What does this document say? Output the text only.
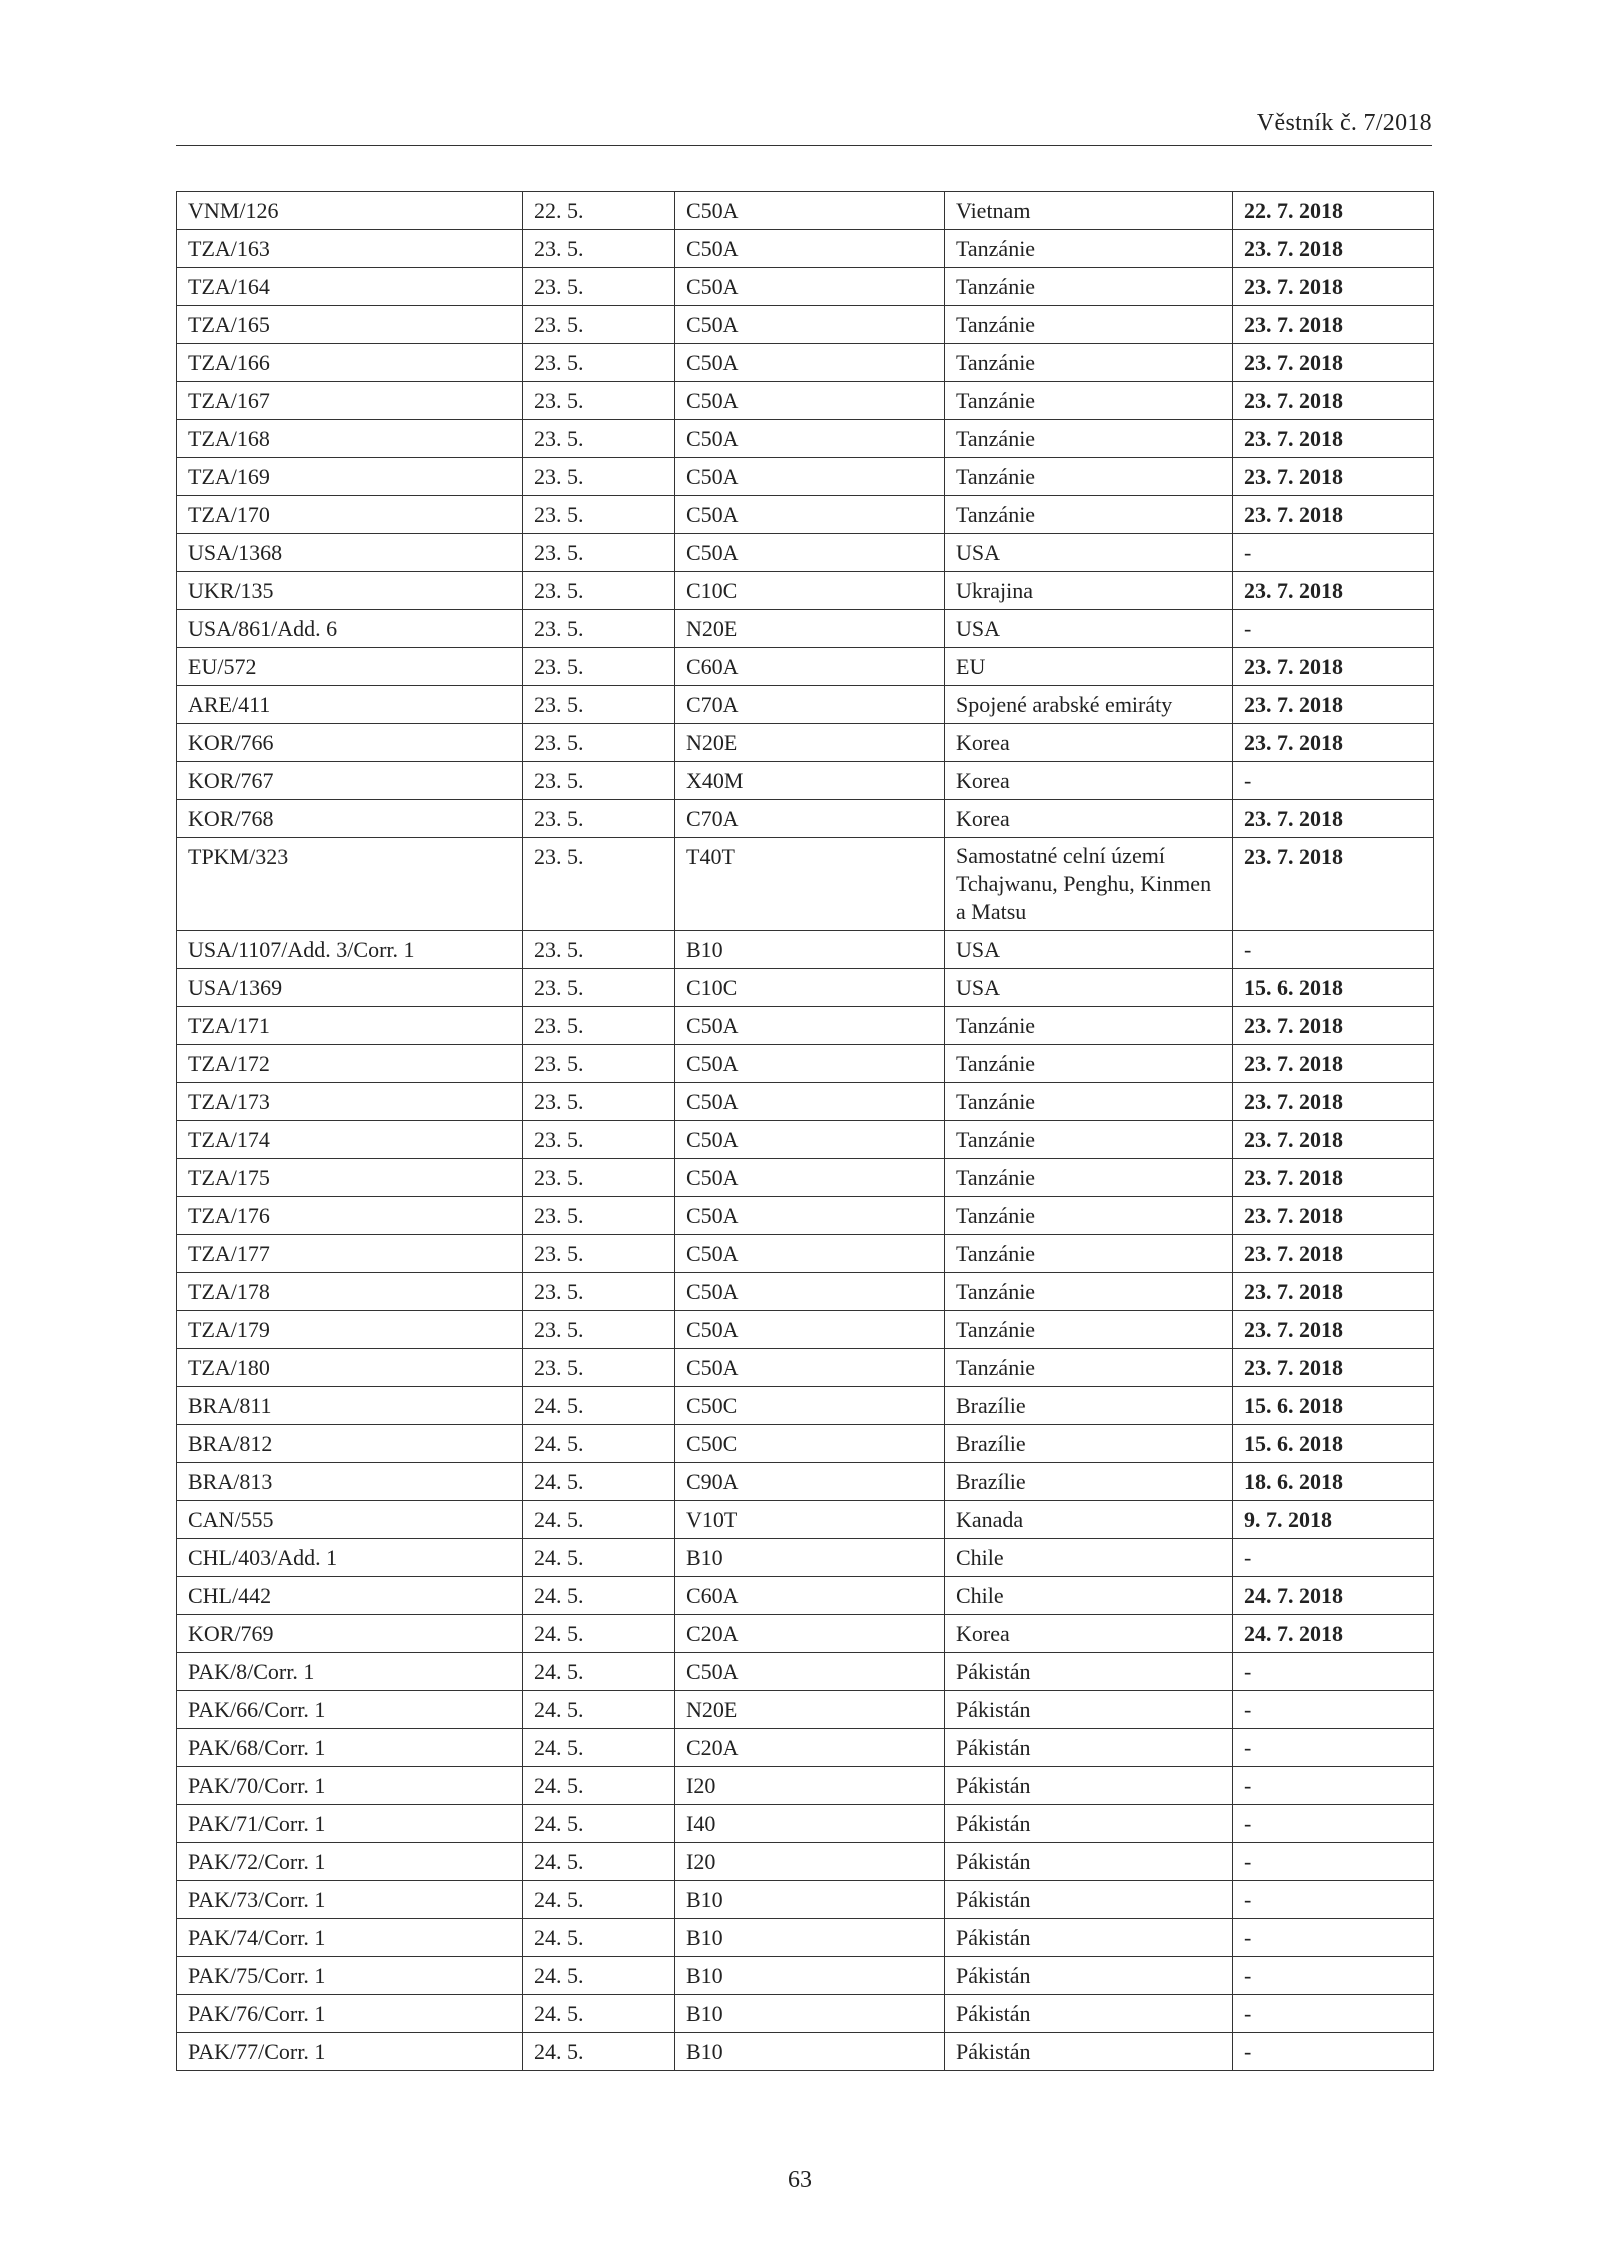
Věstník č. 7/2018
VNM/126	22. 5.	C50A	Vietnam	22. 7. 2018
TZA/163	23. 5.	C50A	Tanzánie	23. 7. 2018
TZA/164	23. 5.	C50A	Tanzánie	23. 7. 2018
TZA/165	23. 5.	C50A	Tanzánie	23. 7. 2018
TZA/166	23. 5.	C50A	Tanzánie	23. 7. 2018
TZA/167	23. 5.	C50A	Tanzánie	23. 7. 2018
TZA/168	23. 5.	C50A	Tanzánie	23. 7. 2018
TZA/169	23. 5.	C50A	Tanzánie	23. 7. 2018
TZA/170	23. 5.	C50A	Tanzánie	23. 7. 2018
USA/1368	23. 5.	C50A	USA	-
UKR/135	23. 5.	C10C	Ukrajina	23. 7. 2018
USA/861/Add. 6	23. 5.	N20E	USA	-
EU/572	23. 5.	C60A	EU	23. 7. 2018
ARE/411	23. 5.	C70A	Spojené arabské emiráty	23. 7. 2018
KOR/766	23. 5.	N20E	Korea	23. 7. 2018
KOR/767	23. 5.	X40M	Korea	-
KOR/768	23. 5.	C70A	Korea	23. 7. 2018
TPKM/323	23. 5.	T40T	Samostatné celní území Tchajwanu, Penghu, Kinmen a Matsu	23. 7. 2018
USA/1107/Add. 3/Corr. 1	23. 5.	B10	USA	-
USA/1369	23. 5.	C10C	USA	15. 6. 2018
TZA/171	23. 5.	C50A	Tanzánie	23. 7. 2018
TZA/172	23. 5.	C50A	Tanzánie	23. 7. 2018
TZA/173	23. 5.	C50A	Tanzánie	23. 7. 2018
TZA/174	23. 5.	C50A	Tanzánie	23. 7. 2018
TZA/175	23. 5.	C50A	Tanzánie	23. 7. 2018
TZA/176	23. 5.	C50A	Tanzánie	23. 7. 2018
TZA/177	23. 5.	C50A	Tanzánie	23. 7. 2018
TZA/178	23. 5.	C50A	Tanzánie	23. 7. 2018
TZA/179	23. 5.	C50A	Tanzánie	23. 7. 2018
TZA/180	23. 5.	C50A	Tanzánie	23. 7. 2018
BRA/811	24. 5.	C50C	Brazílie	15. 6. 2018
BRA/812	24. 5.	C50C	Brazílie	15. 6. 2018
BRA/813	24. 5.	C90A	Brazílie	18. 6. 2018
CAN/555	24. 5.	V10T	Kanada	9. 7. 2018
CHL/403/Add. 1	24. 5.	B10	Chile	-
CHL/442	24. 5.	C60A	Chile	24. 7. 2018
KOR/769	24. 5.	C20A	Korea	24. 7. 2018
PAK/8/Corr. 1	24. 5.	C50A	Pákistán	-
PAK/66/Corr. 1	24. 5.	N20E	Pákistán	-
PAK/68/Corr. 1	24. 5.	C20A	Pákistán	-
PAK/70/Corr. 1	24. 5.	I20	Pákistán	-
PAK/71/Corr. 1	24. 5.	I40	Pákistán	-
PAK/72/Corr. 1	24. 5.	I20	Pákistán	-
PAK/73/Corr. 1	24. 5.	B10	Pákistán	-
PAK/74/Corr. 1	24. 5.	B10	Pákistán	-
PAK/75/Corr. 1	24. 5.	B10	Pákistán	-
PAK/76/Corr. 1	24. 5.	B10	Pákistán	-
PAK/77/Corr. 1	24. 5.	B10	Pákistán	-
63
